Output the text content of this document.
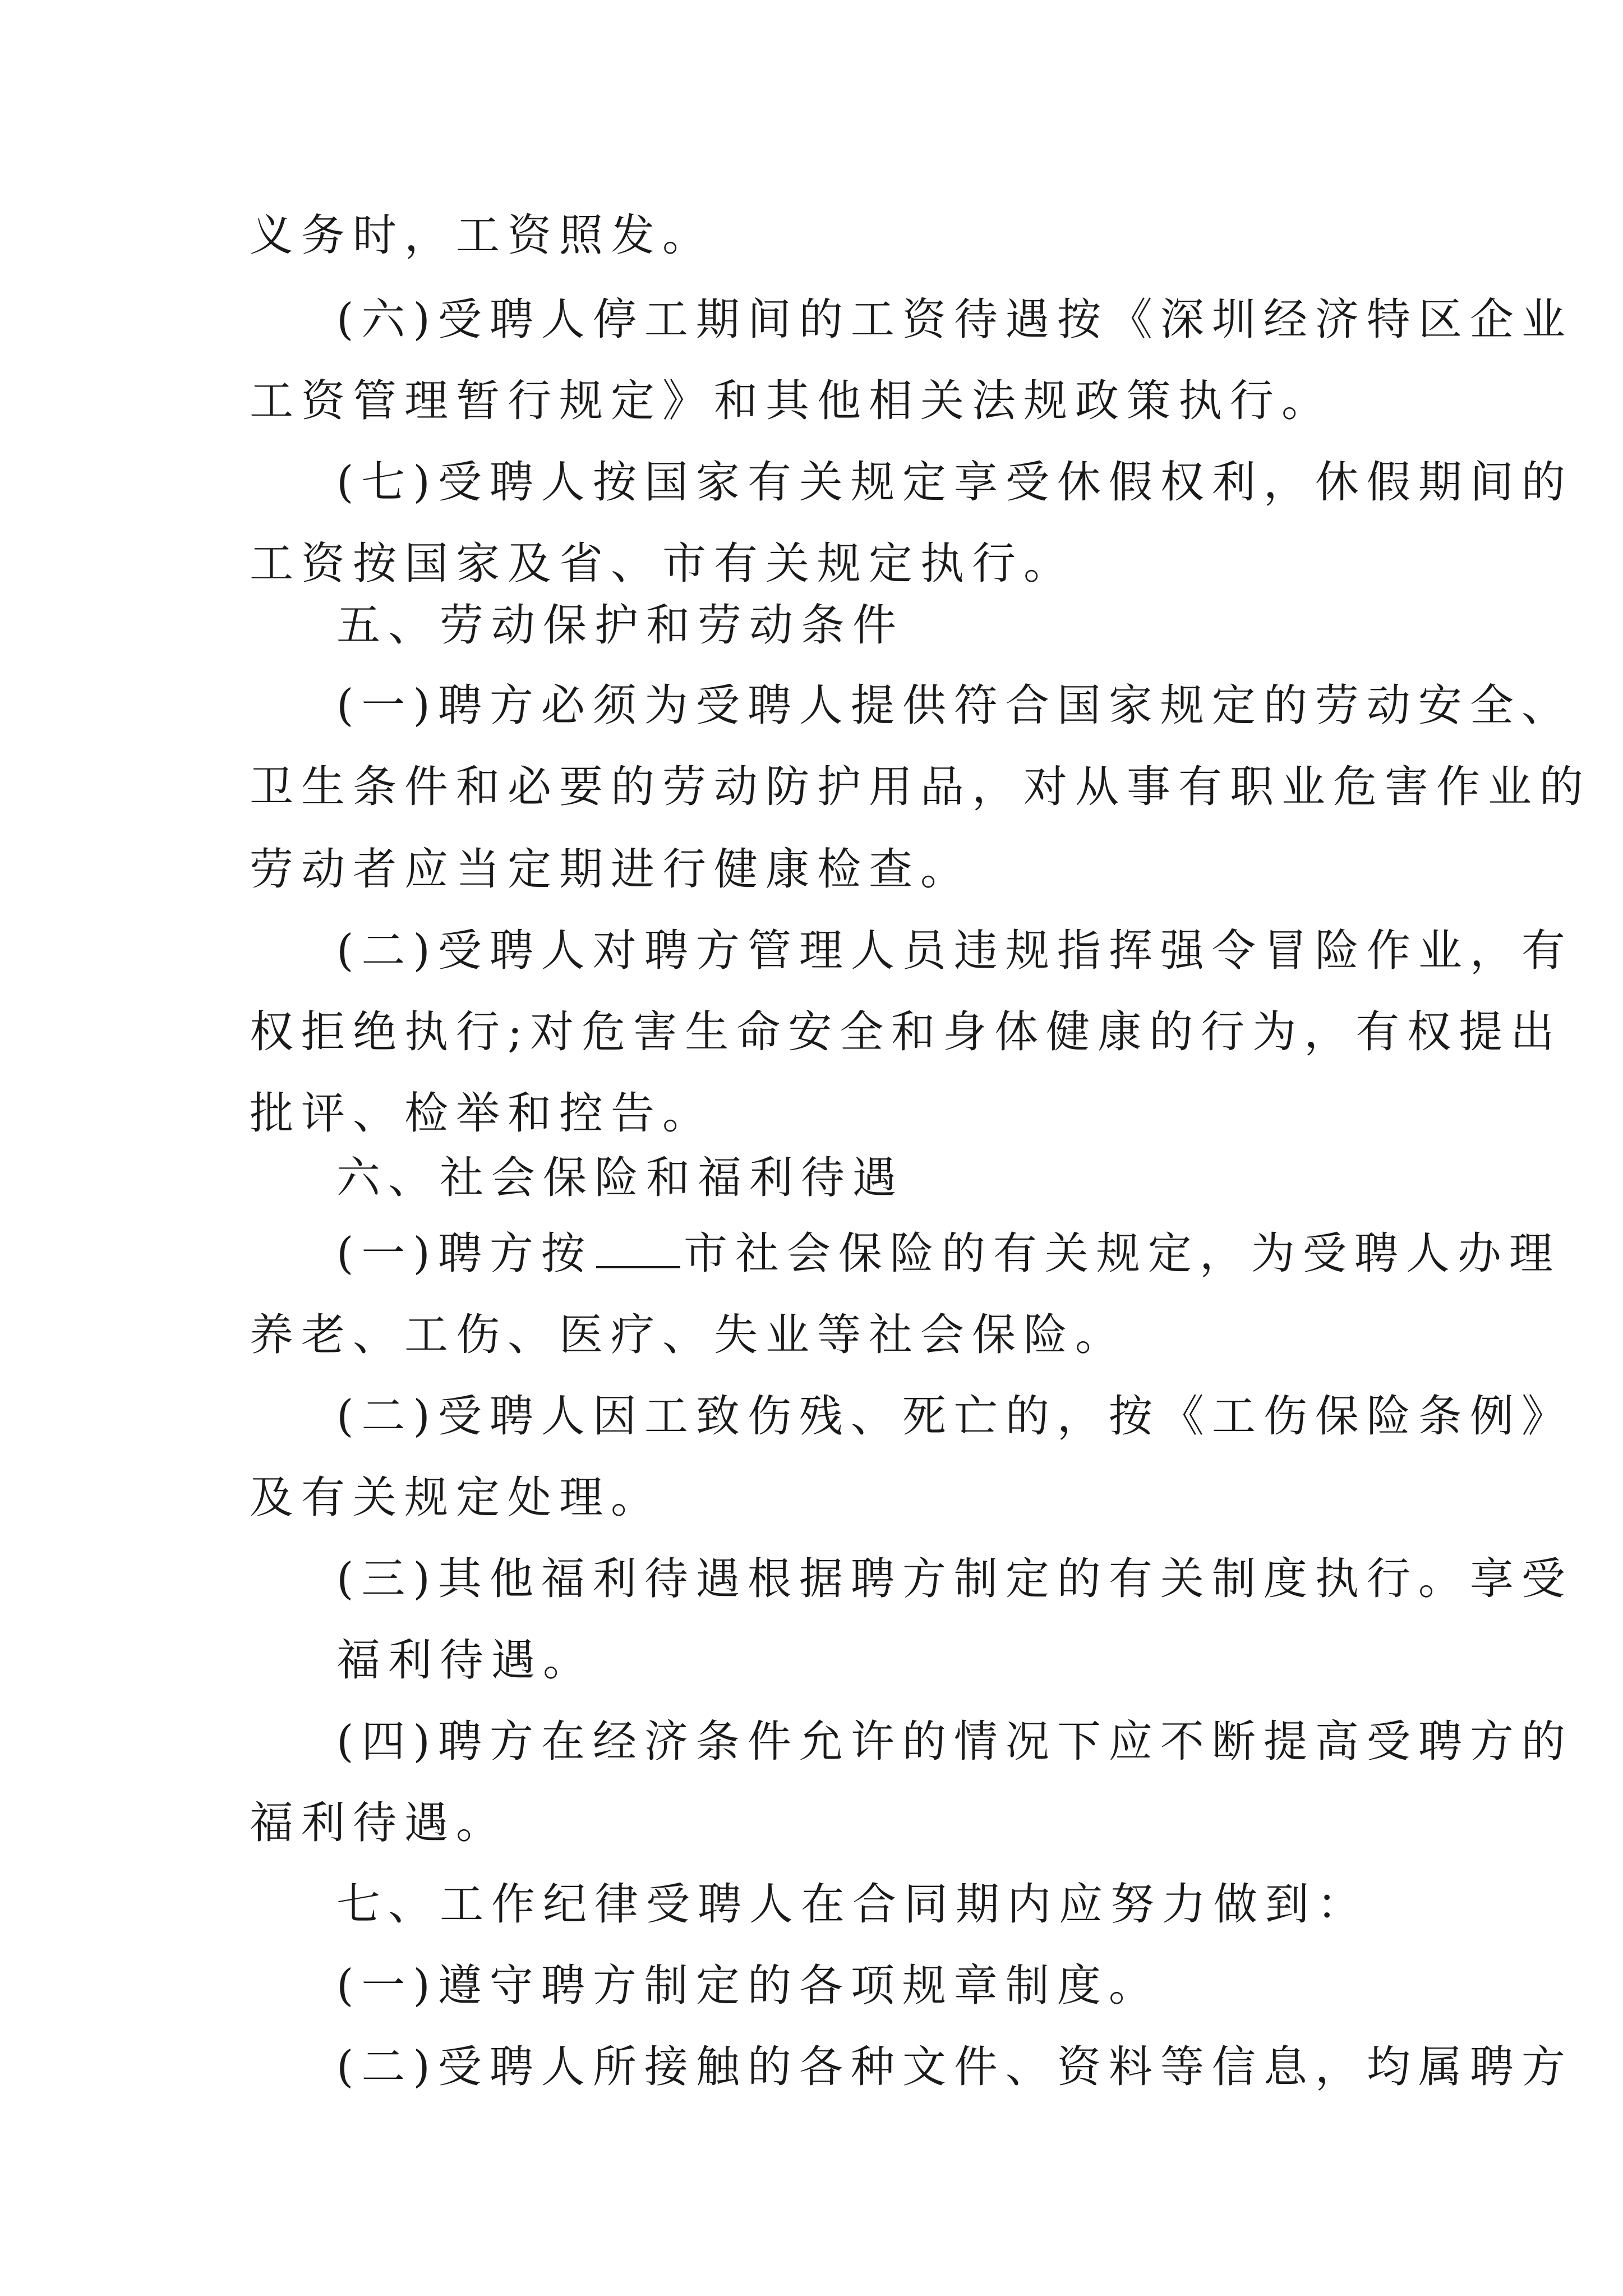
义务时，工资照发。
(六)受聘人停工期间的工资待遇按《深圳经济特区企业
工资管理暂行规定》和其他相关法规政策执行。
(七)受聘人按国家有关规定享受休假权利，休假期间的
工资按国家及省、市有关规定执行。
五、劳动保护和劳动条件
(一)聘方必须为受聘人提供符合国家规定的劳动安全、
卫生条件和必要的劳动防护用品，对从事有职业危害作业的
劳动者应当定期进行健康检查。
(二)受聘人对聘方管理人员违规指挥强令冒险作业，有
权拒绝执行;对危害生命安全和身体健康的行为，有权提出
批评、检举和控告。
六、社会保险和福利待遇
(一)聘方按 市社会保险的有关规定，为受聘人办理
养老、工伤、医疗、失业等社会保险。
(二)受聘人因工致伤残、死亡的，按《工伤保险条例》
及有关规定处理。
(三)其他福利待遇根据聘方制定的有关制度执行。享受
福利待遇。
(四)聘方在经济条件允许的情况下应不断提高受聘方的
福利待遇。
七、工作纪律受聘人在合同期内应努力做到：
(一)遵守聘方制定的各项规章制度。
(二)受聘人所接触的各种文件、资料等信息，均属聘方
